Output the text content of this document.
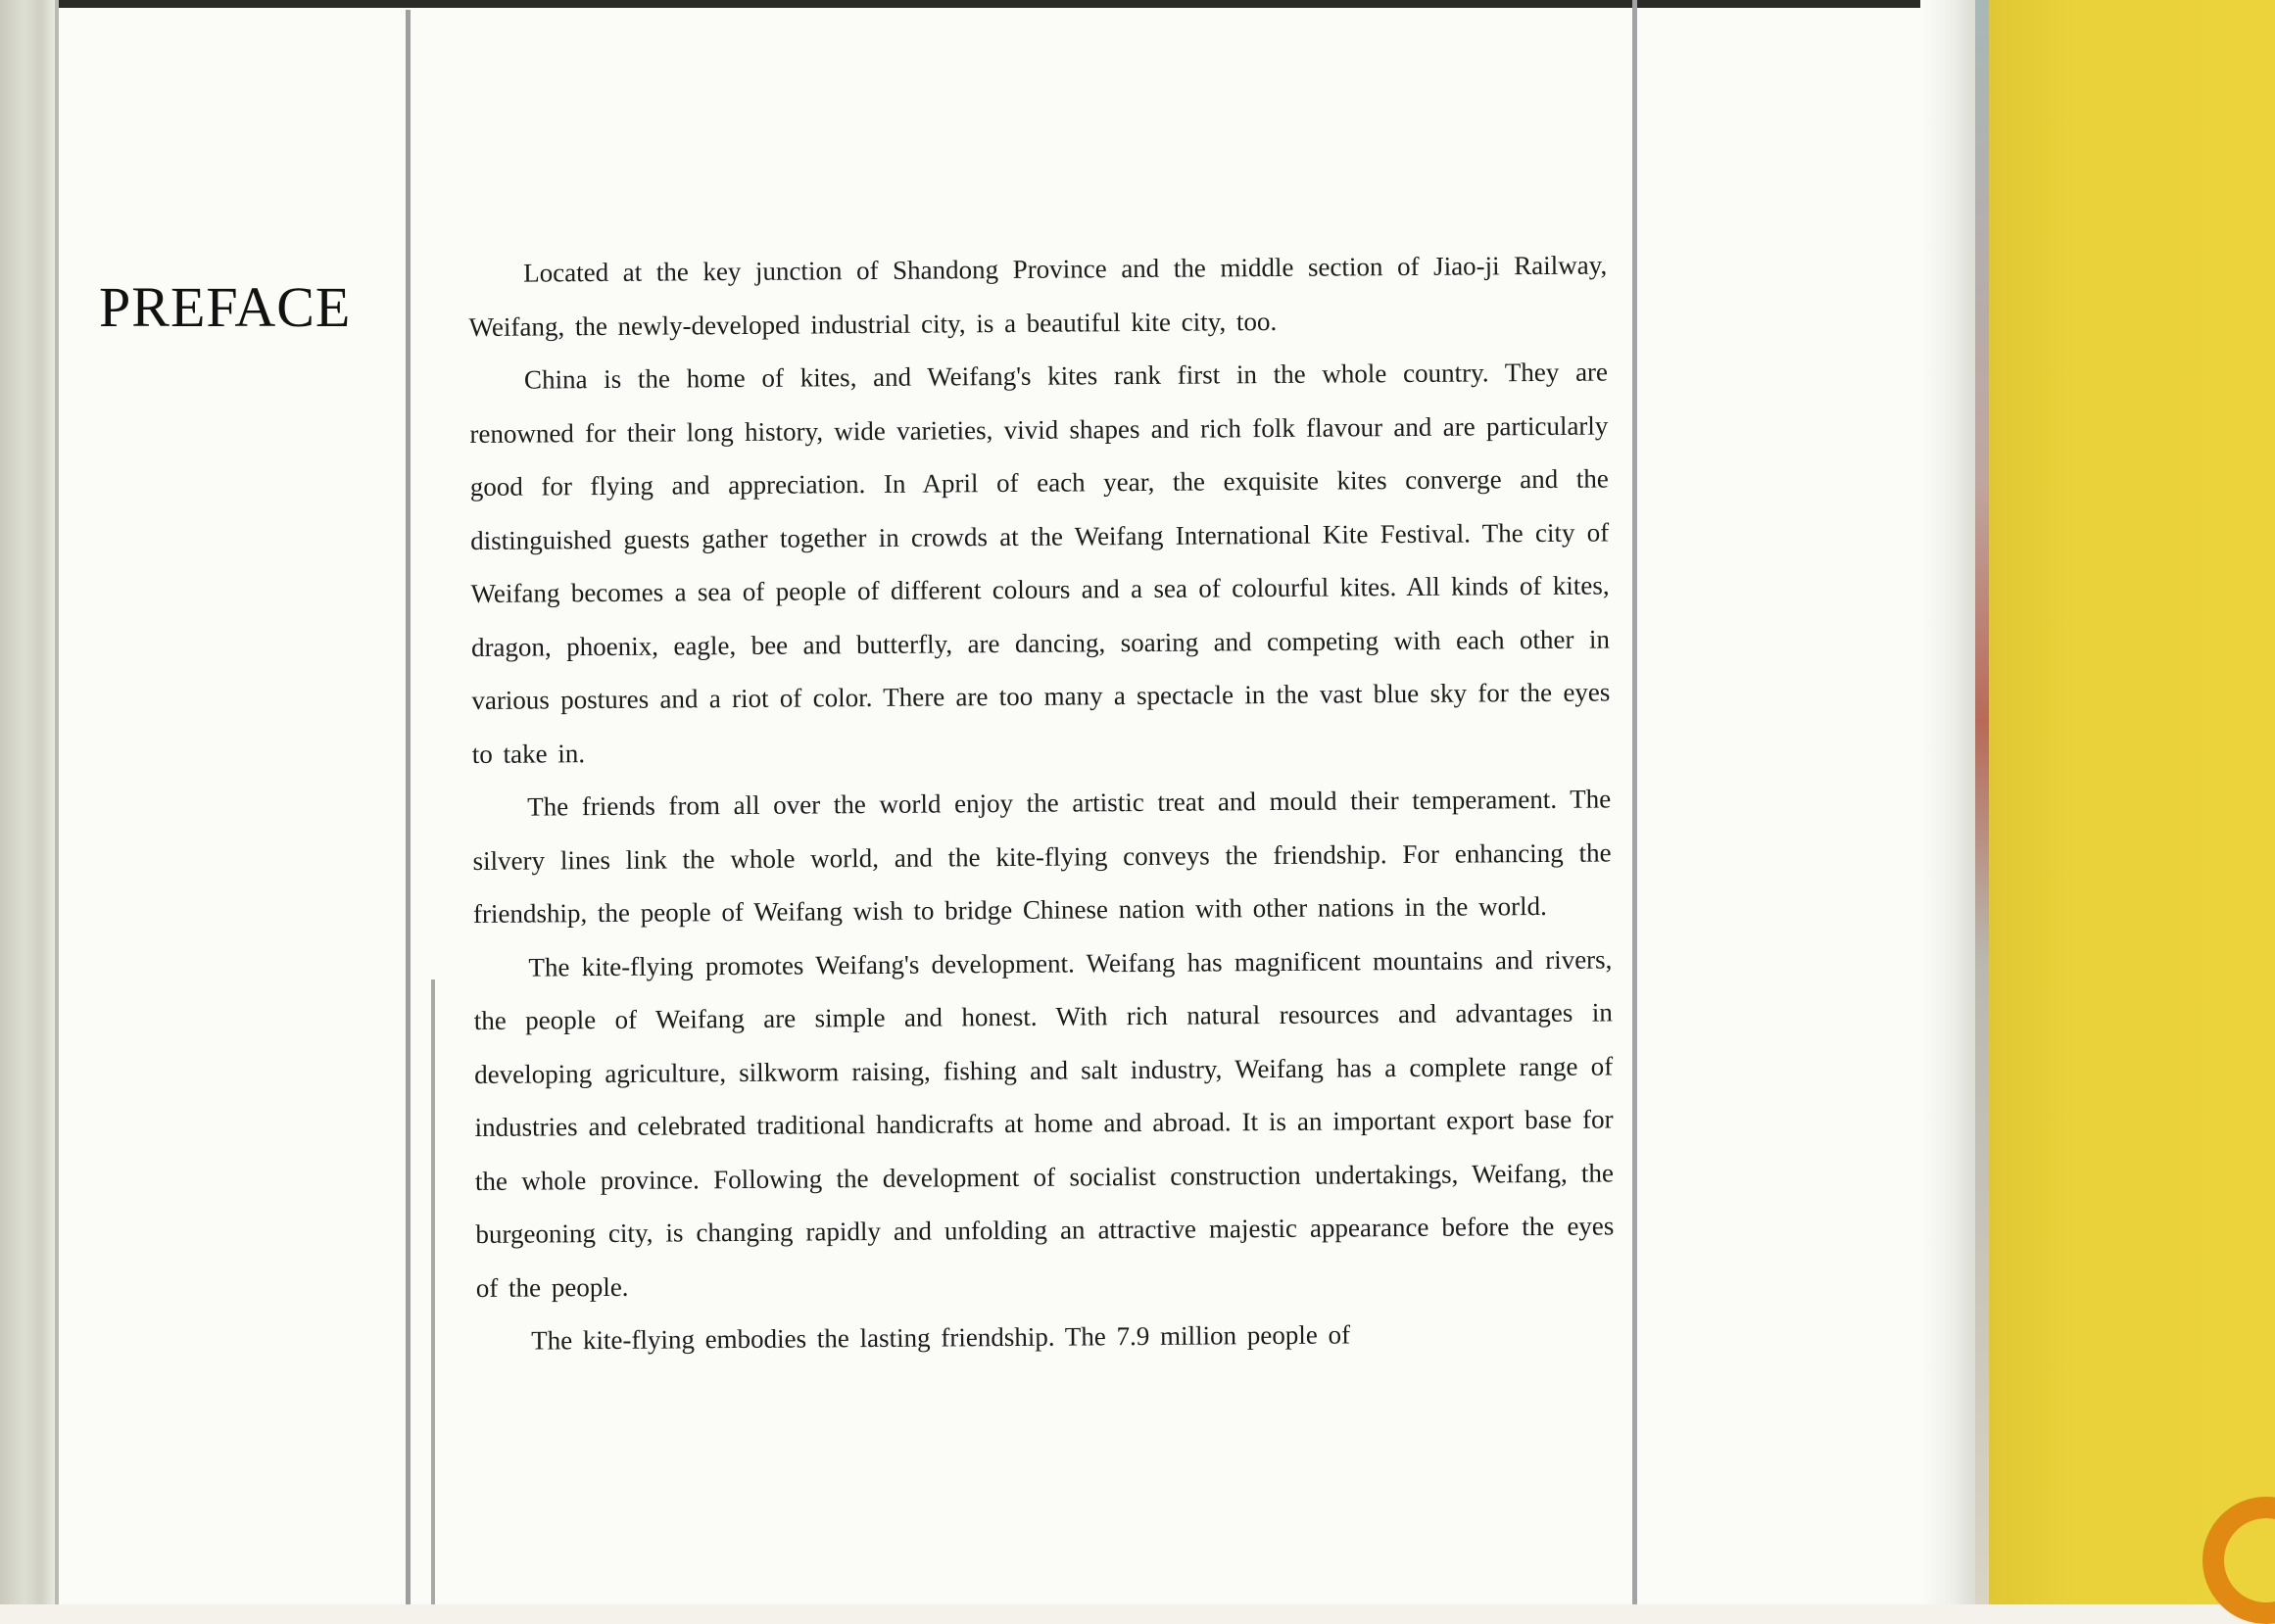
PREFACE

Located at the key junction of Shandong Province and the middle section of Jiao-ji Railway, Weifang, the newly-developed industrial city, is a beautiful kite city, too.

China is the home of kites, and Weifang's kites rank first in the whole country. They are renowned for their long history, wide varieties, vivid shapes and rich folk flavour and are particularly good for flying and appreciation. In April of each year, the exquisite kites converge and the distinguished guests gather together in crowds at the Weifang International Kite Festival. The city of Weifang becomes a sea of people of different colours and a sea of colourful kites. All kinds of kites, dragon, phoenix, eagle, bee and butterfly, are dancing, soaring and competing with each other in various postures and a riot of color. There are too many a spectacle in the vast blue sky for the eyes to take in.

The friends from all over the world enjoy the artistic treat and mould their temperament. The silvery lines link the whole world, and the kite-flying conveys the friendship. For enhancing the friendship, the people of Weifang wish to bridge Chinese nation with other nations in the world.

The kite-flying promotes Weifang's development. Weifang has magnificent mountains and rivers, the people of Weifang are simple and honest. With rich natural resources and advantages in developing agriculture, silkworm raising, fishing and salt industry, Weifang has a complete range of industries and celebrated traditional handicrafts at home and abroad. It is an important export base for the whole province. Following the development of socialist construction undertakings, Weifang, the burgeoning city, is changing rapidly and unfolding an attractive majestic appearance before the eyes of the people.

The kite-flying embodies the lasting friendship. The 7.9 million people of
